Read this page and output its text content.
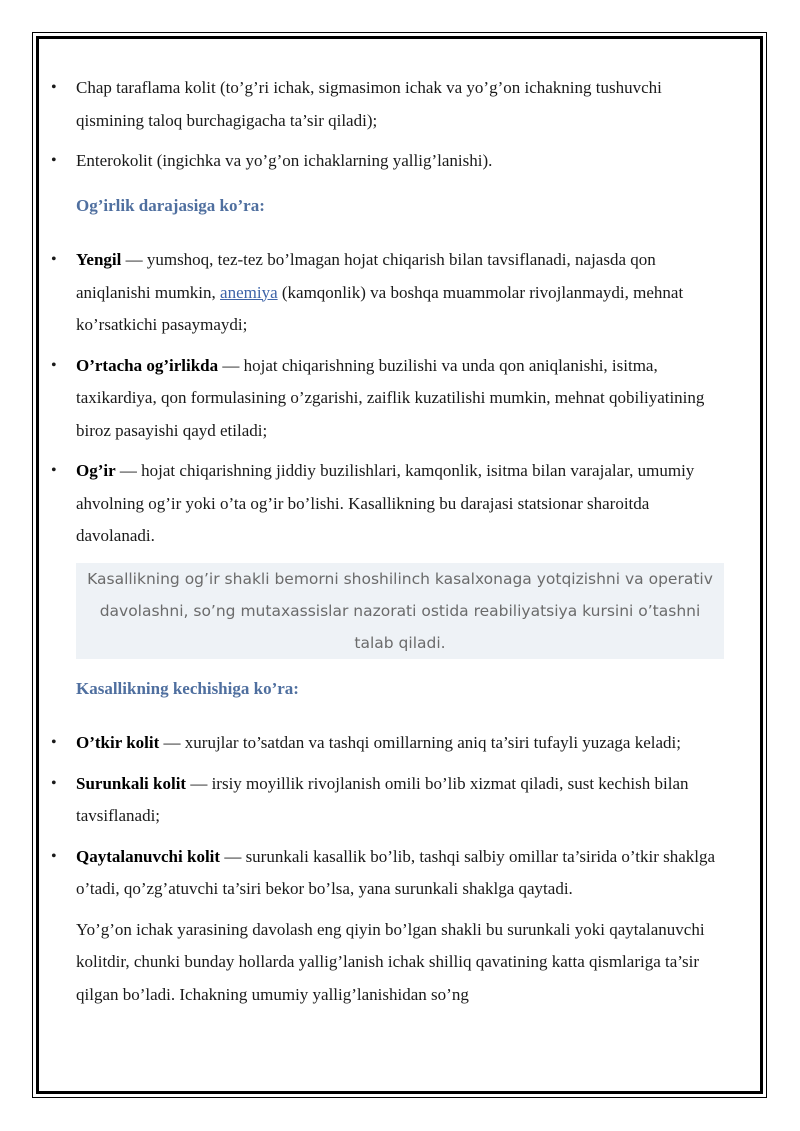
• Chap taraflama kolit (to’g’ri ichak, sigmasimon ichak va yo’g’on ichakning tushuvchi qismining taloq burchagigacha ta’sir qiladi);
• Enterokolit (ingichka va yo’g’on ichaklarning yallig’lanishi).
Og’irlik darajasiga ko’ra:
• Yengil — yumshoq, tez-tez bo’lmagan hojat chiqarish bilan tavsiflanadi, najasda qon aniqlanishi mumkin, anemiya (kamqonlik) va boshqa muammolar rivojlanmaydi, mehnat ko’rsatkichi pasaymaydi;
• O’rtacha og’irlikda — hojat chiqarishning buzilishi va unda qon aniqlanishi, isitma, taxikardiya, qon formulasining o’zgarishi, zaiflik kuzatilishi mumkin, mehnat qobiliyatining biroz pasayishi qayd etiladi;
• Og’ir — hojat chiqarishning jiddiy buzilishlari, kamqonlik, isitma bilan varajalar, umumiy ahvolning og’ir yoki o’ta og’ir bo’lishi. Kasallikning bu darajasi statsionar sharoitda davolanadi.
Kasallikning og’ir shakli bemorni shoshilinch kasalxonaga yotqizishni va operativ davolashni, so’ng mutaxassislar nazorati ostida reabiliyatsiya kursini o’tashni talab qiladi.
Kasallikning kechishiga ko’ra:
• O’tkir kolit — xurujlar to’satdan va tashqi omillarning aniq ta’siri tufayli yuzaga keladi;
• Surunkali kolit — irsiy moyillik rivojlanish omili bo’lib xizmat qiladi, sust kechish bilan tavsiflanadi;
• Qaytalanuvchi kolit — surunkali kasallik bo’lib, tashqi salbiy omillar ta’sirida o’tkir shaklga o’tadi, qo’zg’atuvchi ta’siri bekor bo’lsa, yana surunkali shaklga qaytadi.
Yo’g’on ichak yarasining davolash eng qiyin bo’lgan shakli bu surunkali yoki qaytalanuvchi kolitdir, chunki bunday hollarda yallig’lanish ichak shilliq qavatining katta qismlariga ta’sir qilgan bo’ladi. Ichakning umumiy yallig’lanishidan so’ng
